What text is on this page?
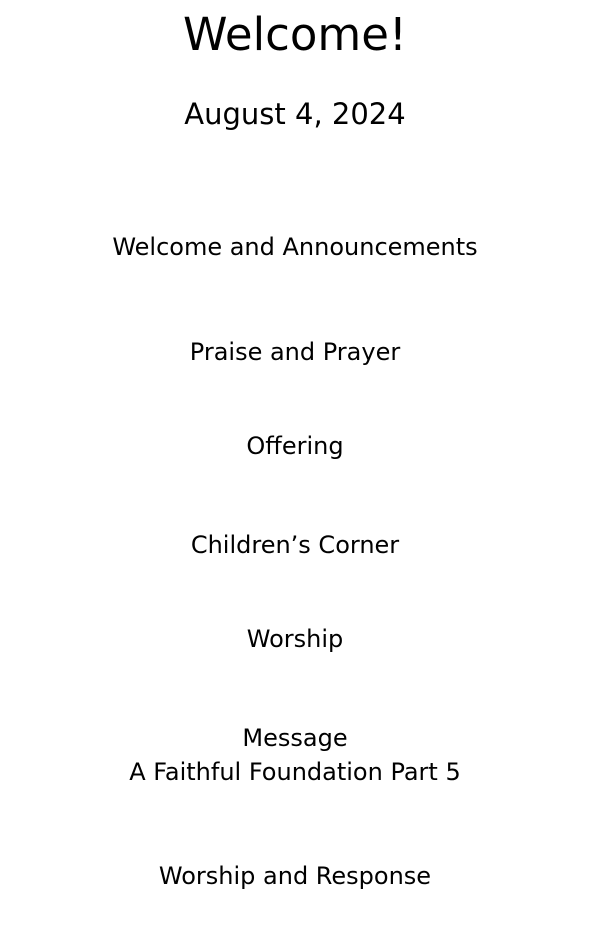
Welcome!
August 4, 2024
Welcome and Announcements
Praise and Prayer
Offering
Children’s Corner
Worship
Message
A Faithful Foundation Part 5
Worship and Response
